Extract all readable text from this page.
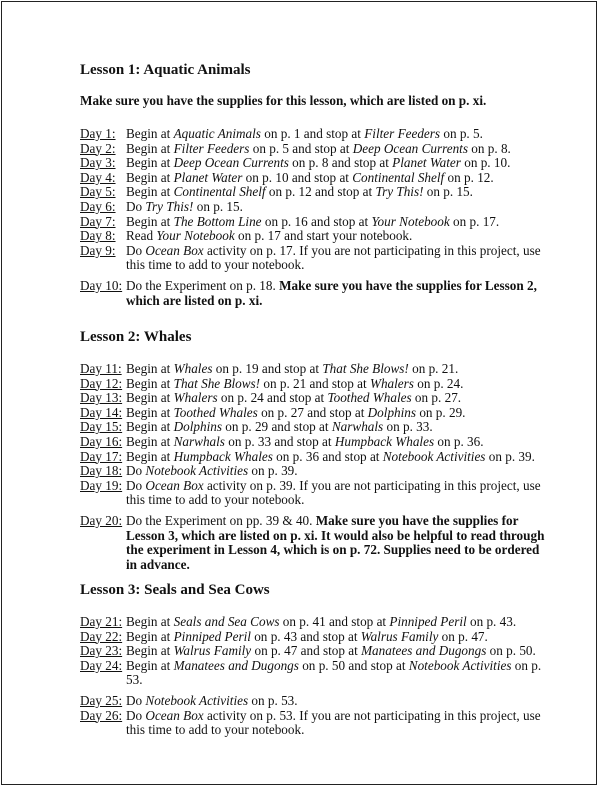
Lesson 1: Aquatic Animals
Make sure you have the supplies for this lesson, which are listed on p. xi.
Day 1: Begin at Aquatic Animals on p. 1 and stop at Filter Feeders on p. 5.
Day 2: Begin at Filter Feeders on p. 5 and stop at Deep Ocean Currents on p. 8.
Day 3: Begin at Deep Ocean Currents on p. 8 and stop at Planet Water on p. 10.
Day 4: Begin at Planet Water on p. 10 and stop at Continental Shelf on p. 12.
Day 5: Begin at Continental Shelf on p. 12 and stop at Try This! on p. 15.
Day 6: Do Try This! on p. 15.
Day 7: Begin at The Bottom Line on p. 16 and stop at Your Notebook on p. 17.
Day 8: Read Your Notebook on p. 17 and start your notebook.
Day 9: Do Ocean Box activity on p. 17. If you are not participating in this project, use this time to add to your notebook.
Day 10: Do the Experiment on p. 18. Make sure you have the supplies for Lesson 2, which are listed on p. xi.
Lesson 2: Whales
Day 11: Begin at Whales on p. 19 and stop at That She Blows! on p. 21.
Day 12: Begin at That She Blows! on p. 21 and stop at Whalers on p. 24.
Day 13: Begin at Whalers on p. 24 and stop at Toothed Whales on p. 27.
Day 14: Begin at Toothed Whales on p. 27 and stop at Dolphins on p. 29.
Day 15: Begin at Dolphins on p. 29 and stop at Narwhals on p. 33.
Day 16: Begin at Narwhals on p. 33 and stop at Humpback Whales on p. 36.
Day 17: Begin at Humpback Whales on p. 36 and stop at Notebook Activities on p. 39.
Day 18: Do Notebook Activities on p. 39.
Day 19: Do Ocean Box activity on p. 39. If you are not participating in this project, use this time to add to your notebook.
Day 20: Do the Experiment on pp. 39 & 40. Make sure you have the supplies for Lesson 3, which are listed on p. xi. It would also be helpful to read through the experiment in Lesson 4, which is on p. 72. Supplies need to be ordered in advance.
Lesson 3: Seals and Sea Cows
Day 21: Begin at Seals and Sea Cows on p. 41 and stop at Pinniped Peril on p. 43.
Day 22: Begin at Pinniped Peril on p. 43 and stop at Walrus Family on p. 47.
Day 23: Begin at Walrus Family on p. 47 and stop at Manatees and Dugongs on p. 50.
Day 24: Begin at Manatees and Dugongs on p. 50 and stop at Notebook Activities on p. 53.
Day 25: Do Notebook Activities on p. 53.
Day 26: Do Ocean Box activity on p. 53. If you are not participating in this project, use this time to add to your notebook.
